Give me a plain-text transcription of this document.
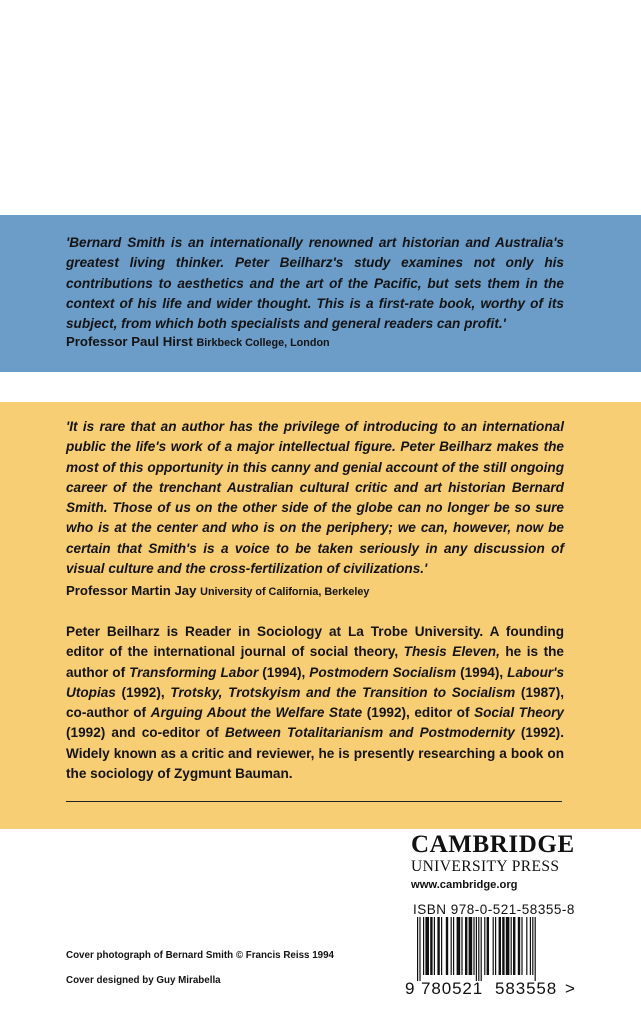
'Bernard Smith is an internationally renowned art historian and Australia's greatest living thinker. Peter Beilharz's study examines not only his contributions to aesthetics and the art of the Pacific, but sets them in the context of his life and wider thought. This is a first-rate book, worthy of its subject, from which both specialists and general readers can profit.'

Professor Paul Hirst Birkbeck College, London

'It is rare that an author has the privilege of introducing to an international public the life's work of a major intellectual figure. Peter Beilharz makes the most of this opportunity in this canny and genial account of the still ongoing career of the trenchant Australian cultural critic and art historian Bernard Smith. Those of us on the other side of the globe can no longer be so sure who is at the center and who is on the periphery; we can, however, now be certain that Smith's is a voice to be taken seriously in any discussion of visual culture and the cross-fertilization of civilizations.'

Professor Martin Jay University of California, Berkeley

Peter Beilharz is Reader in Sociology at La Trobe University. A founding editor of the international journal of social theory, Thesis Eleven, he is the author of Transforming Labor (1994), Postmodern Socialism (1994), Labour's Utopias (1992), Trotsky, Trotskyism and the Transition to Socialism (1987), co-author of Arguing About the Welfare State (1992), editor of Social Theory (1992) and co-editor of Between Totalitarianism and Postmodernity (1992). Widely known as a critic and reviewer, he is presently researching a book on the sociology of Zygmunt Bauman.

CAMBRIDGE

UNIVERSITY PRESS

www.cambridge.org

ISBN 978-0-521-58355-8

9 780521 583558 >

Cover photograph of Bernard Smith © Francis Reiss 1994

Cover designed by Guy Mirabella
